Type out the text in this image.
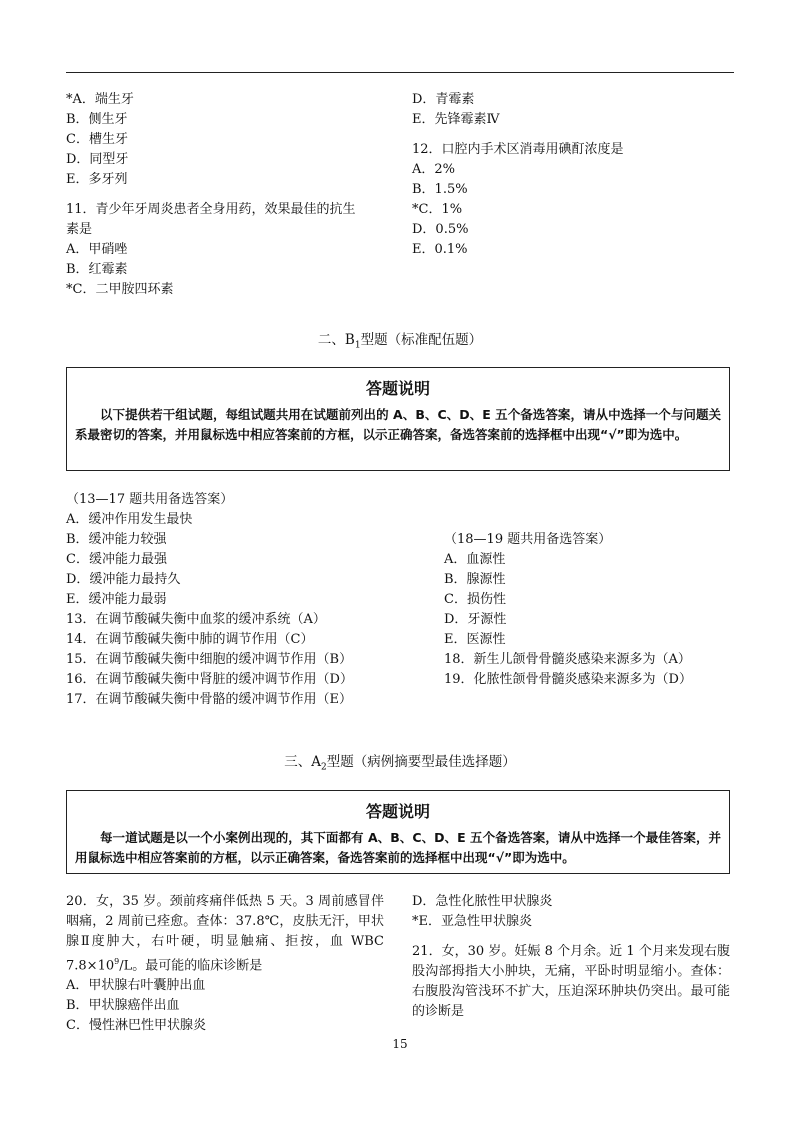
*A．端生牙
B．侧生牙
C．槽生牙
D．同型牙
E．多牙列
11．青少年牙周炎患者全身用药，效果最佳的抗生素是
A．甲硝唑
B．红霉素
*C．二甲胺四环素
D．青霉素
E．先锋霉素Ⅳ
12．口腔内手术区消毒用碘酊浓度是
A．2%
B．1.5%
*C．1%
D．0.5%
E．0.1%
二、$B_1$型题（标准配伍题）
答题说明
以下提供若干组试题，每组试题共用在试题前列出的 A、B、C、D、E 五个备选答案，请从中选择一个与问题关系最密切的答案，并用鼠标选中相应答案前的方框，以示正确答案，备选答案前的选择框中出现“√”即为选中。
（13—17 题共用备选答案）
A．缓冲作用发生最快
B．缓冲能力较强
C．缓冲能力最强
D．缓冲能力最持久
E．缓冲能力最弱
13．在调节酸碱失衡中血浆的缓冲系统（A）
14．在调节酸碱失衡中肺的调节作用（C）
15．在调节酸碱失衡中细胞的缓冲调节作用（B）
16．在调节酸碱失衡中肾脏的缓冲调节作用（D）
17．在调节酸碱失衡中骨骼的缓冲调节作用（E）
（18—19 题共用备选答案）
A．血源性
B．腺源性
C．损伤性
D．牙源性
E．医源性
18．新生儿颌骨骨髓炎感染来源多为（A）
19．化脓性颌骨骨髓炎感染来源多为（D）
三、$A_2$型题（病例摘要型最佳选择题）
答题说明
每一道试题是以一个小案例出现的，其下面都有 A、B、C、D、E 五个备选答案，请从中选择一个最佳答案，并用鼠标选中相应答案前的方框，以示正确答案，备选答案前的选择框中出现“√”即为选中。
20．女，35 岁。颈前疼痛伴低热 5 天。3 周前感冒伴咽痛，2 周前已痊愈。查体：37.8℃，皮肤无汗，甲状腺Ⅱ度肿大，右叶硬，明显触痛、拒按，血 WBC $7.8\times 10^9/L$。最可能的临床诊断是
A．甲状腺右叶囊肿出血
B．甲状腺癌伴出血
C．慢性淋巴性甲状腺炎
D．急性化脓性甲状腺炎
*E．亚急性甲状腺炎
21．女，30 岁。妊娠 8 个月余。近 1 个月来发现右腹股沟部拇指大小肿块，无痛，平卧时明显缩小。查体：右腹股沟管浅环不扩大，压迫深环肿块仍突出。最可能的诊断是
15
